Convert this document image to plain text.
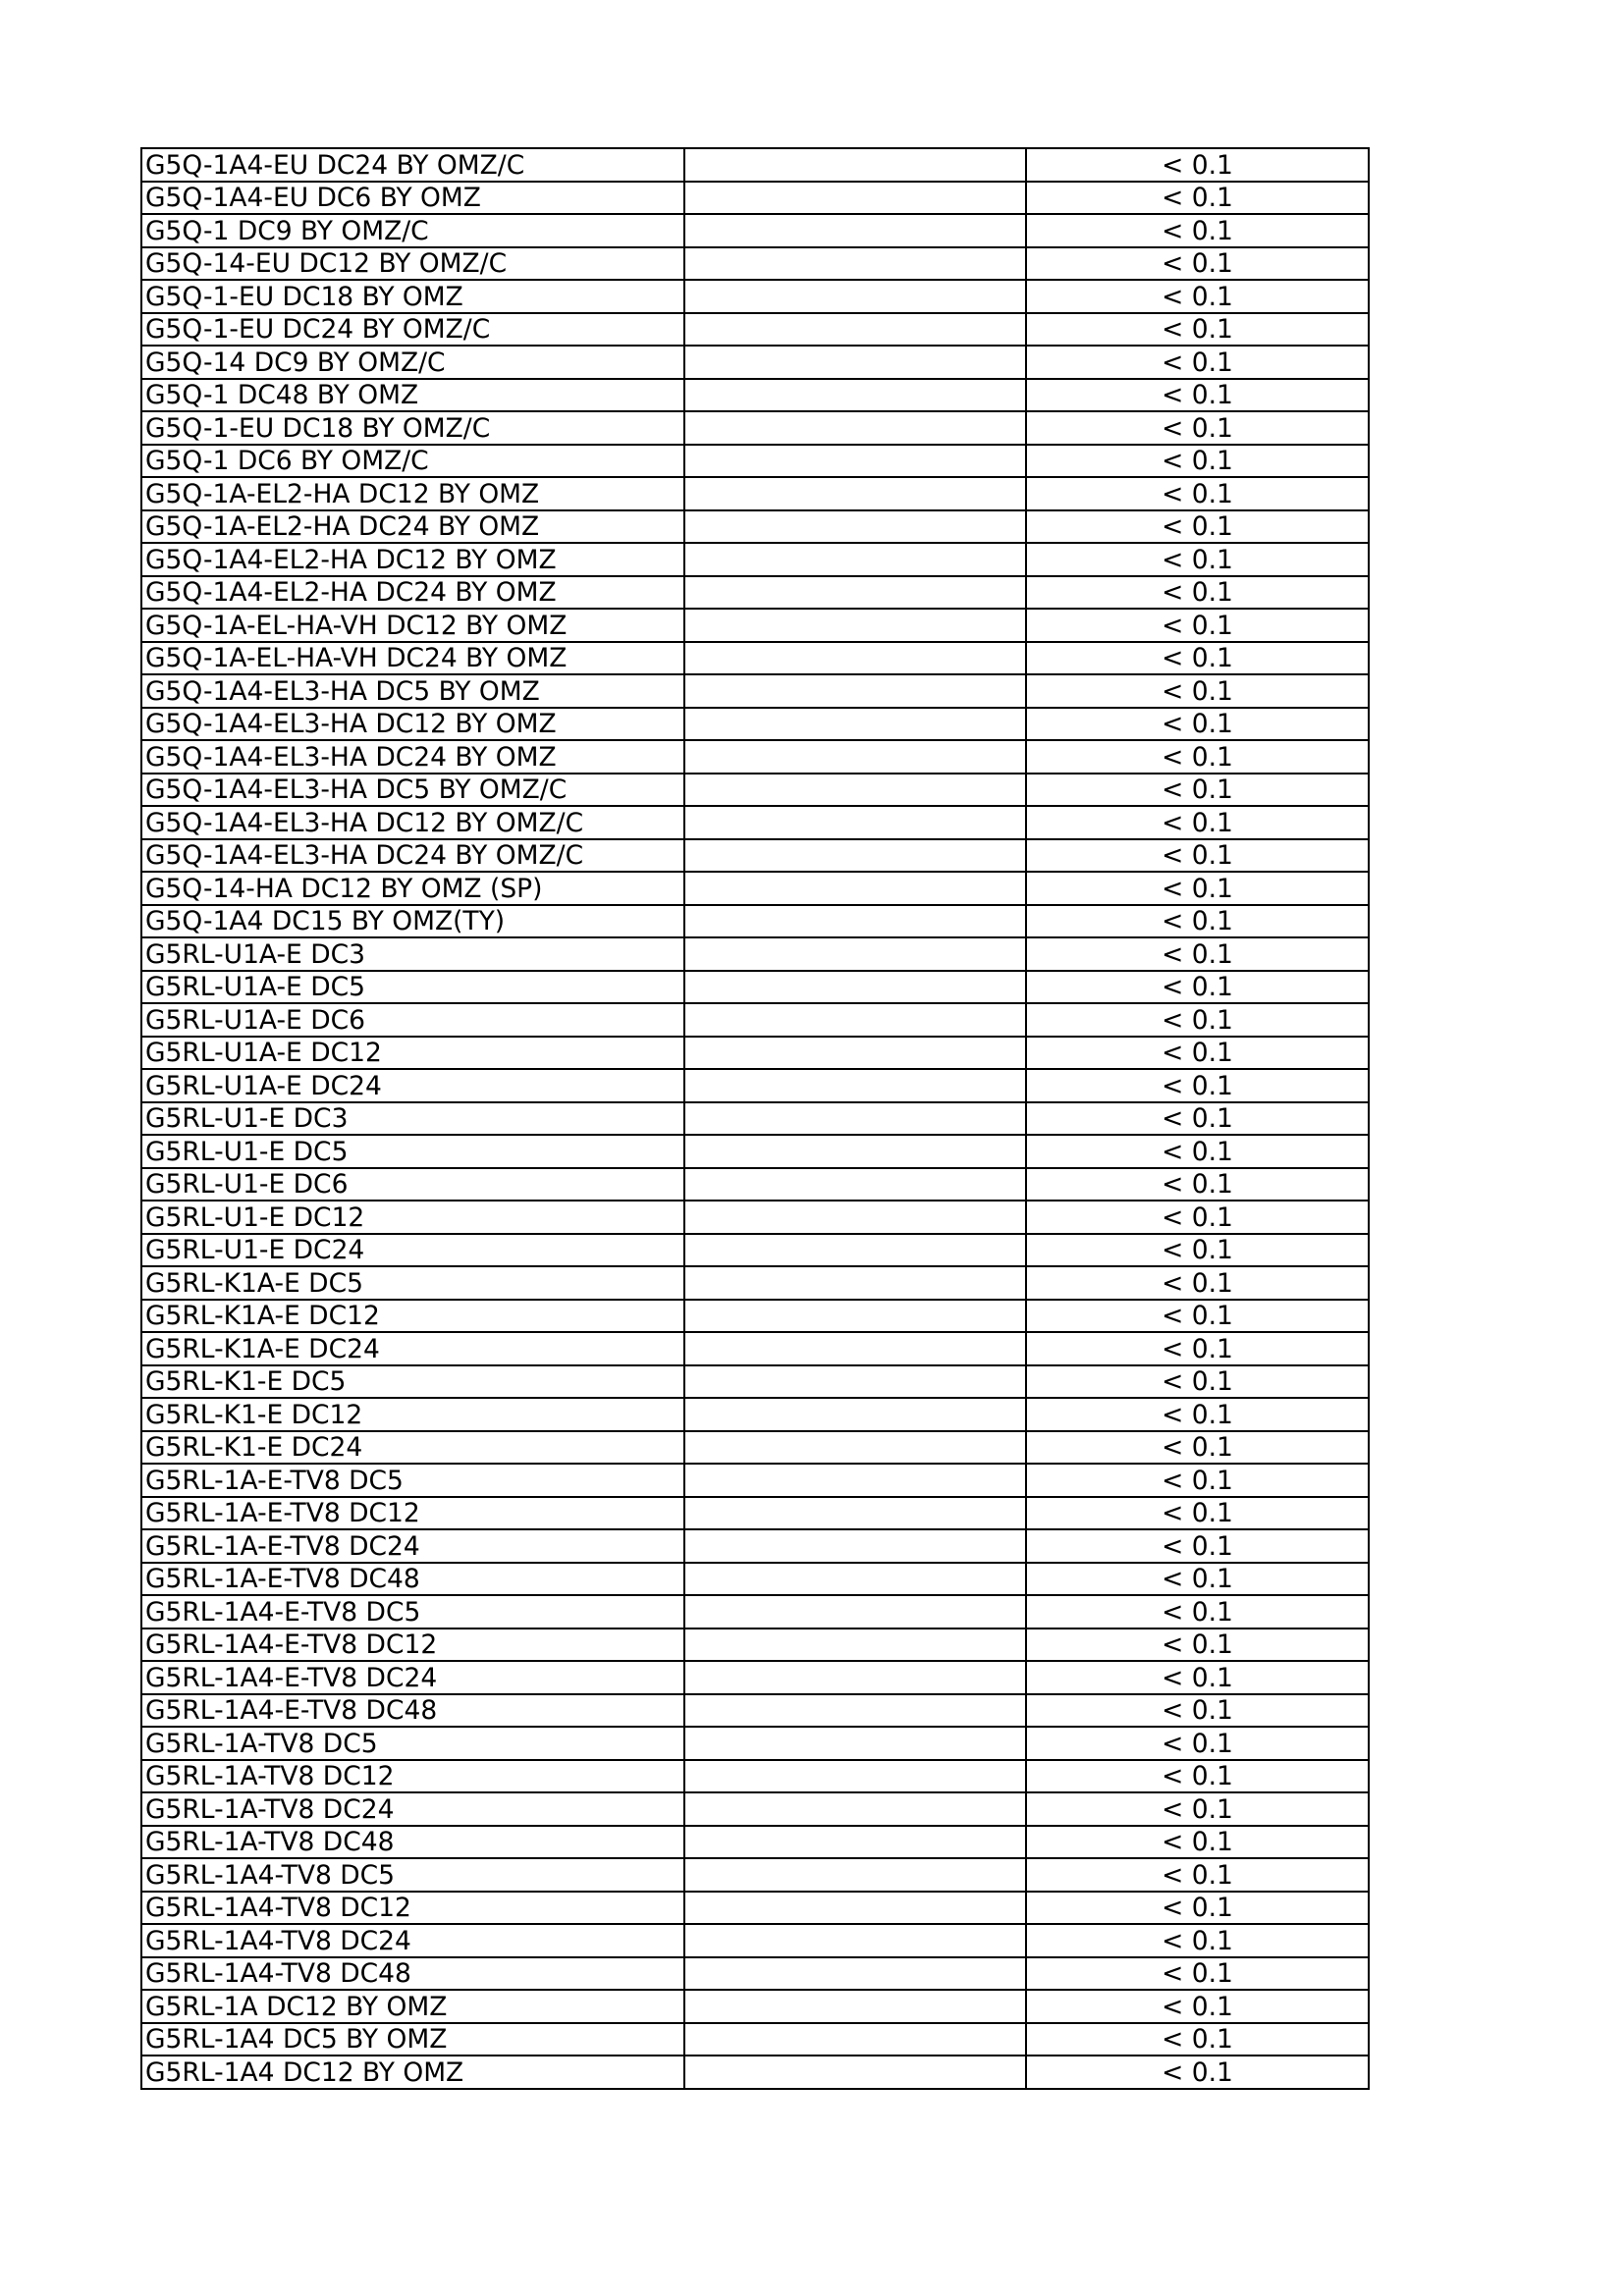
G5Q-1A4-EU DC24 BY OMZ/C		< 0.1
G5Q-1A4-EU DC6 BY OMZ		< 0.1
G5Q-1 DC9 BY OMZ/C		< 0.1
G5Q-14-EU DC12 BY OMZ/C		< 0.1
G5Q-1-EU DC18 BY OMZ		< 0.1
G5Q-1-EU DC24 BY OMZ/C		< 0.1
G5Q-14 DC9 BY OMZ/C		< 0.1
G5Q-1 DC48 BY OMZ		< 0.1
G5Q-1-EU DC18 BY OMZ/C		< 0.1
G5Q-1 DC6 BY OMZ/C		< 0.1
G5Q-1A-EL2-HA DC12 BY OMZ		< 0.1
G5Q-1A-EL2-HA DC24 BY OMZ		< 0.1
G5Q-1A4-EL2-HA DC12 BY OMZ		< 0.1
G5Q-1A4-EL2-HA DC24 BY OMZ		< 0.1
G5Q-1A-EL-HA-VH DC12 BY OMZ		< 0.1
G5Q-1A-EL-HA-VH DC24 BY OMZ		< 0.1
G5Q-1A4-EL3-HA DC5 BY OMZ		< 0.1
G5Q-1A4-EL3-HA DC12 BY OMZ		< 0.1
G5Q-1A4-EL3-HA DC24 BY OMZ		< 0.1
G5Q-1A4-EL3-HA DC5 BY OMZ/C		< 0.1
G5Q-1A4-EL3-HA DC12 BY OMZ/C		< 0.1
G5Q-1A4-EL3-HA DC24 BY OMZ/C		< 0.1
G5Q-14-HA DC12 BY OMZ (SP)		< 0.1
G5Q-1A4 DC15 BY OMZ(TY)		< 0.1
G5RL-U1A-E DC3		< 0.1
G5RL-U1A-E DC5		< 0.1
G5RL-U1A-E DC6		< 0.1
G5RL-U1A-E DC12		< 0.1
G5RL-U1A-E DC24		< 0.1
G5RL-U1-E DC3		< 0.1
G5RL-U1-E DC5		< 0.1
G5RL-U1-E DC6		< 0.1
G5RL-U1-E DC12		< 0.1
G5RL-U1-E DC24		< 0.1
G5RL-K1A-E DC5		< 0.1
G5RL-K1A-E DC12		< 0.1
G5RL-K1A-E DC24		< 0.1
G5RL-K1-E DC5		< 0.1
G5RL-K1-E DC12		< 0.1
G5RL-K1-E DC24		< 0.1
G5RL-1A-E-TV8 DC5		< 0.1
G5RL-1A-E-TV8 DC12		< 0.1
G5RL-1A-E-TV8 DC24		< 0.1
G5RL-1A-E-TV8 DC48		< 0.1
G5RL-1A4-E-TV8 DC5		< 0.1
G5RL-1A4-E-TV8 DC12		< 0.1
G5RL-1A4-E-TV8 DC24		< 0.1
G5RL-1A4-E-TV8 DC48		< 0.1
G5RL-1A-TV8 DC5		< 0.1
G5RL-1A-TV8 DC12		< 0.1
G5RL-1A-TV8 DC24		< 0.1
G5RL-1A-TV8 DC48		< 0.1
G5RL-1A4-TV8 DC5		< 0.1
G5RL-1A4-TV8 DC12		< 0.1
G5RL-1A4-TV8 DC24		< 0.1
G5RL-1A4-TV8 DC48		< 0.1
G5RL-1A DC12 BY OMZ		< 0.1
G5RL-1A4 DC5 BY OMZ		< 0.1
G5RL-1A4 DC12 BY OMZ		< 0.1
